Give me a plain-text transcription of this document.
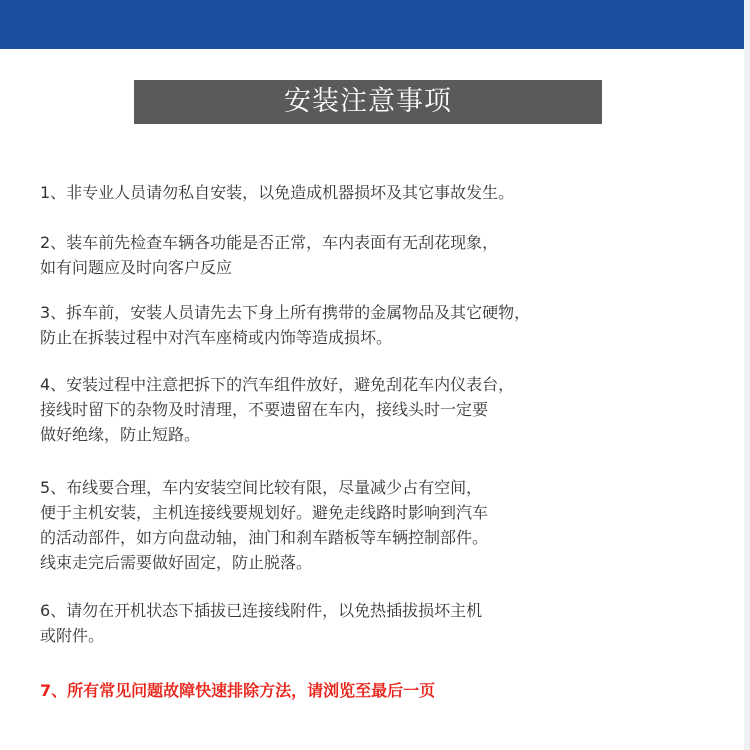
安装注意事项
1、非专业人员请勿私自安装，以免造成机器损坏及其它事故发生。
2、装车前先检查车辆各功能是否正常，车内表面有无刮花现象，
如有问题应及时向客户反应
3、拆车前，安装人员请先去下身上所有携带的金属物品及其它硬物，
防止在拆装过程中对汽车座椅或内饰等造成损坏。
4、安装过程中注意把拆下的汽车组件放好，避免刮花车内仪表台，
接线时留下的杂物及时清理，不要遗留在车内，接线头时一定要
做好绝缘，防止短路。
5、布线要合理，车内安装空间比较有限，尽量减少占有空间，
便于主机安装，主机连接线要规划好。避免走线路时影响到汽车
的活动部件，如方向盘动轴，油门和刹车踏板等车辆控制部件。
线束走完后需要做好固定，防止脱落。
6、请勿在开机状态下插拔已连接线附件，以免热插拔损坏主机
或附件。
7、所有常见问题故障快速排除方法，请浏览至最后一页
